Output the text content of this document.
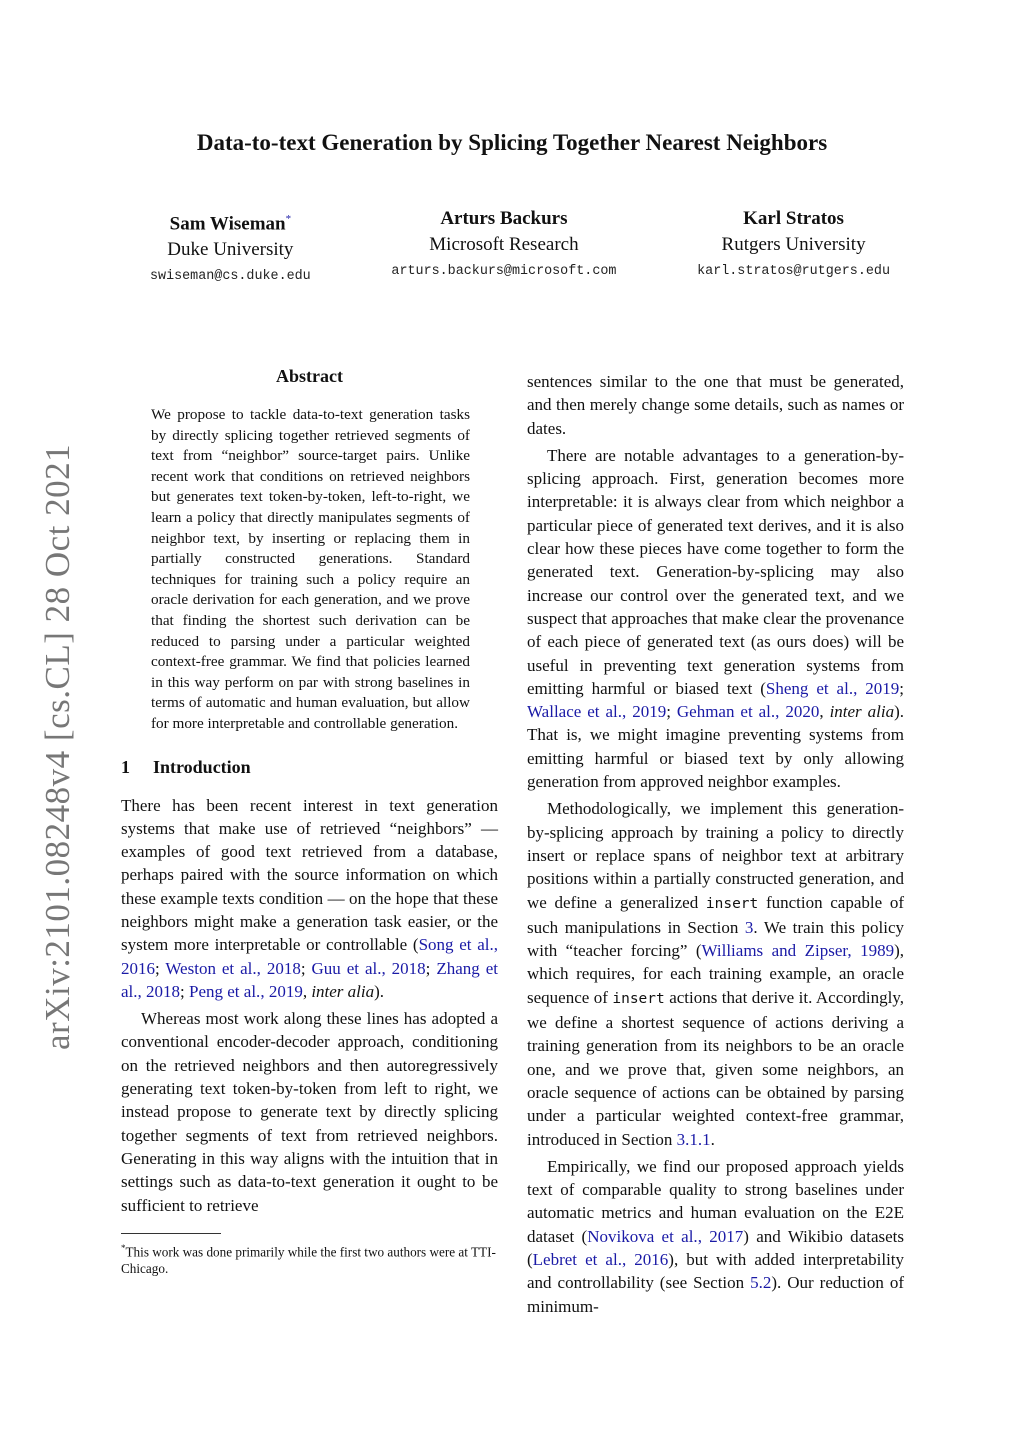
arXiv:2101.08248v4 [cs.CL] 28 Oct 2021
Data-to-text Generation by Splicing Together Nearest Neighbors
Sam Wiseman*
Duke University
swiseman@cs.duke.edu
Arturs Backurs
Microsoft Research
arturs.backurs@microsoft.com
Karl Stratos
Rutgers University
karl.stratos@rutgers.edu
Abstract
We propose to tackle data-to-text generation tasks by directly splicing together retrieved segments of text from “neighbor” source-target pairs. Unlike recent work that conditions on retrieved neighbors but generates text token-by-token, left-to-right, we learn a policy that directly manipulates segments of neighbor text, by inserting or replacing them in partially constructed generations. Standard techniques for training such a policy require an oracle derivation for each generation, and we prove that finding the shortest such derivation can be reduced to parsing under a particular weighted context-free grammar. We find that policies learned in this way perform on par with strong baselines in terms of automatic and human evaluation, but allow for more interpretable and controllable generation.
1 Introduction

There has been recent interest in text generation systems that make use of retrieved “neighbors” — examples of good text retrieved from a database, perhaps paired with the source information on which these example texts condition — on the hope that these neighbors might make a generation task easier, or the system more interpretable or controllable (Song et al., 2016; Weston et al., 2018; Guu et al., 2018; Zhang et al., 2018; Peng et al., 2019, inter alia).

Whereas most work along these lines has adopted a conventional encoder-decoder approach, conditioning on the retrieved neighbors and then autoregressively generating text token-by-token from left to right, we instead propose to generate text by directly splicing together segments of text from retrieved neighbors. Generating in this way aligns with the intuition that in settings such as data-to-text generation it ought to be sufficient to retrieve

*This work was done primarily while the first two authors were at TTI-Chicago.

sentences similar to the one that must be generated, and then merely change some details, such as names or dates.

There are notable advantages to a generation-by-splicing approach. First, generation becomes more interpretable: it is always clear from which neighbor a particular piece of generated text derives, and it is also clear how these pieces have come together to form the generated text. Generation-by-splicing may also increase our control over the generated text, and we suspect that approaches that make clear the provenance of each piece of generated text (as ours does) will be useful in preventing text generation systems from emitting harmful or biased text (Sheng et al., 2019; Wallace et al., 2019; Gehman et al., 2020, inter alia). That is, we might imagine preventing systems from emitting harmful or biased text by only allowing generation from approved neighbor examples.

Methodologically, we implement this generation-by-splicing approach by training a policy to directly insert or replace spans of neighbor text at arbitrary positions within a partially constructed generation, and we define a generalized insert function capable of such manipulations in Section 3. We train this policy with “teacher forcing” (Williams and Zipser, 1989), which requires, for each training example, an oracle sequence of insert actions that derive it. Accordingly, we define a shortest sequence of actions deriving a training generation from its neighbors to be an oracle one, and we prove that, given some neighbors, an oracle sequence of actions can be obtained by parsing under a particular weighted context-free grammar, introduced in Section 3.1.1.

Empirically, we find our proposed approach yields text of comparable quality to strong baselines under automatic metrics and human evaluation on the E2E dataset (Novikova et al., 2017) and Wikibio datasets (Lebret et al., 2016), but with added interpretability and controllability (see Section 5.2). Our reduction of minimum-
